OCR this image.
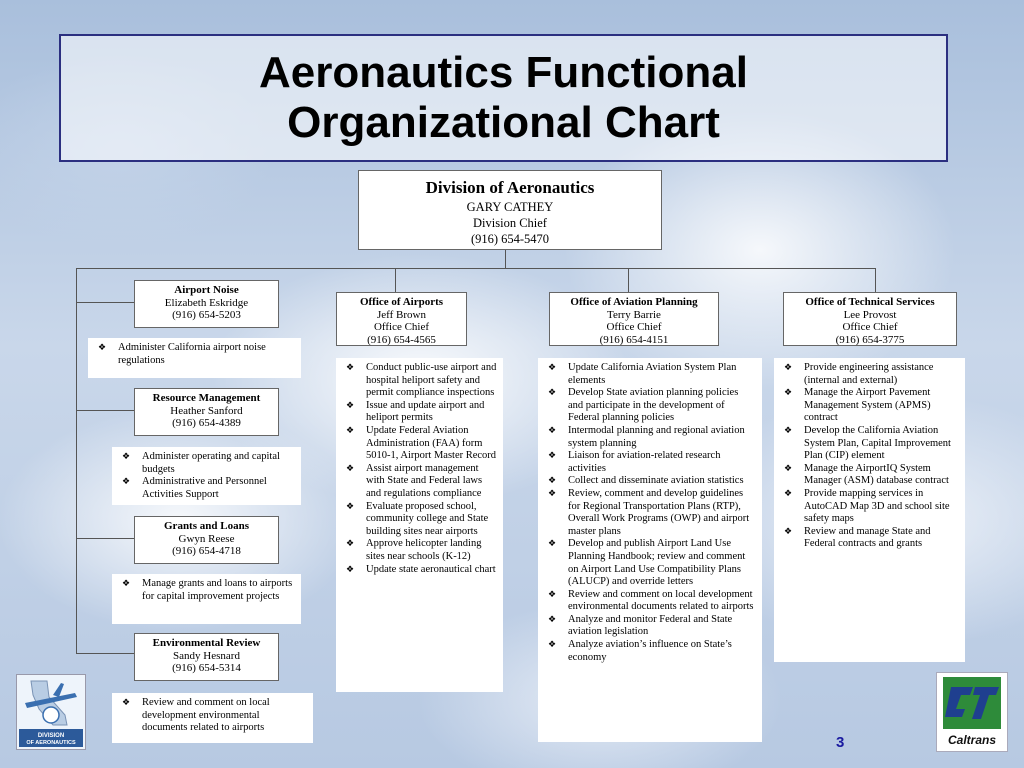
Aeronautics Functional
Organizational Chart
Division of Aeronautics
GARY CATHEY
Division Chief
(916) 654-5470
Airport Noise
Elizabeth Eskridge
(916) 654-5203
❖ Administer California airport noise regulations
Resource Management
Heather Sanford
(916) 654-4389
❖ Administer operating and capital budgets
❖ Administrative and Personnel Activities Support
Grants and Loans
Gwyn Reese
(916) 654-4718
❖ Manage grants and loans to airports for capital improvement projects
Environmental Review
Sandy Hesnard
(916) 654-5314
❖ Review and comment on local development environmental documents related to airports
Office of Airports
Jeff Brown
Office Chief
(916) 654-4565
❖ Conduct public-use airport and hospital heliport safety and permit compliance inspections
❖ Issue and update airport and heliport permits
❖ Update Federal Aviation Administration (FAA) form 5010-1, Airport Master Record
❖ Assist airport management with State and Federal laws and regulations compliance
❖ Evaluate proposed school, community college and State building sites near airports
❖ Approve helicopter landing sites near schools (K-12)
❖ Update state aeronautical chart
Office of Aviation Planning
Terry Barrie
Office Chief
(916) 654-4151
❖ Update California Aviation System Plan elements
❖ Develop State aviation planning policies and participate in the development of Federal planning policies
❖ Intermodal planning and regional aviation system planning
❖ Liaison for aviation-related research activities
❖ Collect and disseminate aviation statistics
❖ Review, comment and develop guidelines for Regional Transportation Plans (RTP), Overall Work Programs (OWP) and airport master plans
❖ Develop and publish Airport Land Use Planning Handbook; review and comment on Airport Land Use Compatibility Plans (ALUCP) and override letters
❖ Review and comment on local development environmental documents related to airports
❖ Analyze and monitor Federal and State aviation legislation
❖ Analyze aviation’s influence on State’s economy
Office of Technical Services
Lee Provost
Office Chief
(916) 654-3775
❖ Provide engineering assistance (internal and external)
❖ Manage the Airport Pavement Management System (APMS) contract
❖ Develop the California Aviation System Plan, Capital Improvement Plan (CIP) element
❖ Manage the AirportIQ System Manager (ASM) database contract
❖ Provide mapping services in AutoCAD Map 3D and school site safety maps
❖ Review and manage State and Federal contracts and grants
DIVISION
OF AERONAUTICS	3	Caltrans
